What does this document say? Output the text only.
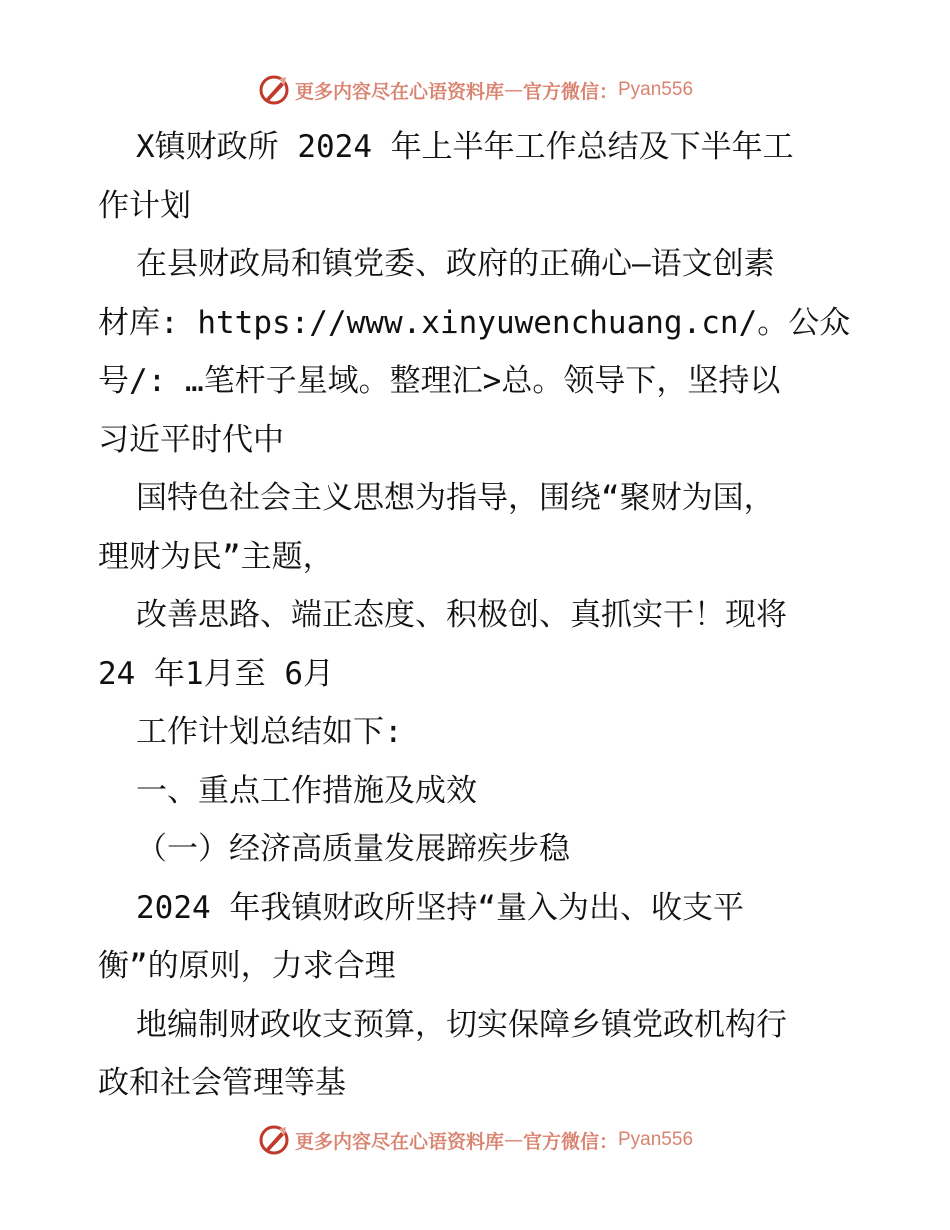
更多内容尽在心语资料库 — 官方微信： Pyan556
X镇财政所 2024 年上半年工作总结及下半年工
作计划
在县财政局和镇党委、政府的正确心—语文创素
材库: https://www.xinyuwenchuang.cn/。公众
号/: …笔杆子星域。整理汇>总。领导下，坚持以
习近平时代中
国特色社会主义思想为指导，围绕“聚财为国，
理财为民”主题，
改善思路、端正态度、积极创、真抓实干！现将
24 年1月至 6月
工作计划总结如下:
一、重点工作措施及成效
（一）经济高质量发展蹄疾步稳
2024 年我镇财政所坚持“量入为出、收支平
衡”的原则，力求合理
地编制财政收支预算，切实保障乡镇党政机构行
政和社会管理等基
更多内容尽在心语资料库 — 官方微信： Pyan556
